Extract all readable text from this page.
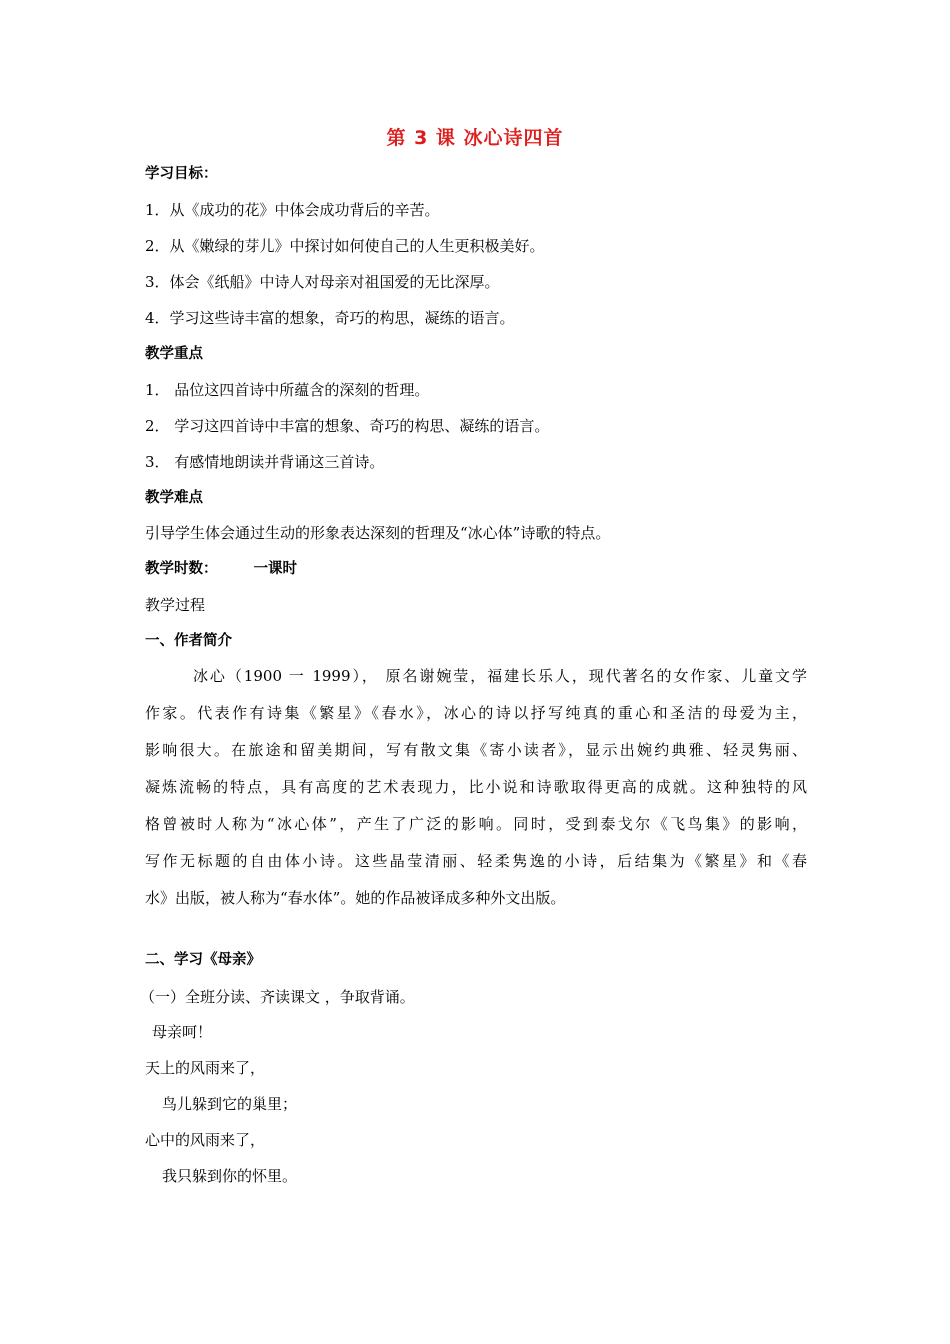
第 3 课 冰心诗四首
学习目标：
1．从《成功的花》中体会成功背后的辛苦。
2．从《嫩绿的芽儿》中探讨如何使自己的人生更积极美好。
3．体会《纸船》中诗人对母亲对祖国爱的无比深厚。
4．学习这些诗丰富的想象，奇巧的构思，凝练的语言。
教学重点
1． 品位这四首诗中所蕴含的深刻的哲理。
2． 学习这四首诗中丰富的想象、奇巧的构思、凝练的语言。
3． 有感情地朗读并背诵这三首诗。
教学难点
引导学生体会通过生动的形象表达深刻的哲理及“冰心体”诗歌的特点。
教学时数： 一课时
教学过程
一、作者简介
冰心（1900 一 1999）， 原名谢婉莹，福建长乐人，现代著名的女作家、儿童文学
作家。代表作有诗集《繁星》《春水》，冰心的诗以抒写纯真的重心和圣洁的母爱为主，
影响很大。在旅途和留美期间，写有散文集《寄小读者》，显示出婉约典雅、轻灵隽丽、
凝炼流畅的特点，具有高度的艺术表现力，比小说和诗歌取得更高的成就。这种独特的风
格曾被时人称为“冰心体”，产生了广泛的影响。同时，受到泰戈尔《飞鸟集》的影响，
写作无标题的自由体小诗。这些晶莹清丽、轻柔隽逸的小诗，后结集为《繁星》和《春
水》出版，被人称为“春水体”。她的作品被译成多种外文出版。
二、学习《母亲》
（一）全班分读、齐读课文 ，争取背诵。
母亲呵！
天上的风雨来了，
鸟儿躲到它的巢里；
心中的风雨来了，
我只躲到你的怀里。
